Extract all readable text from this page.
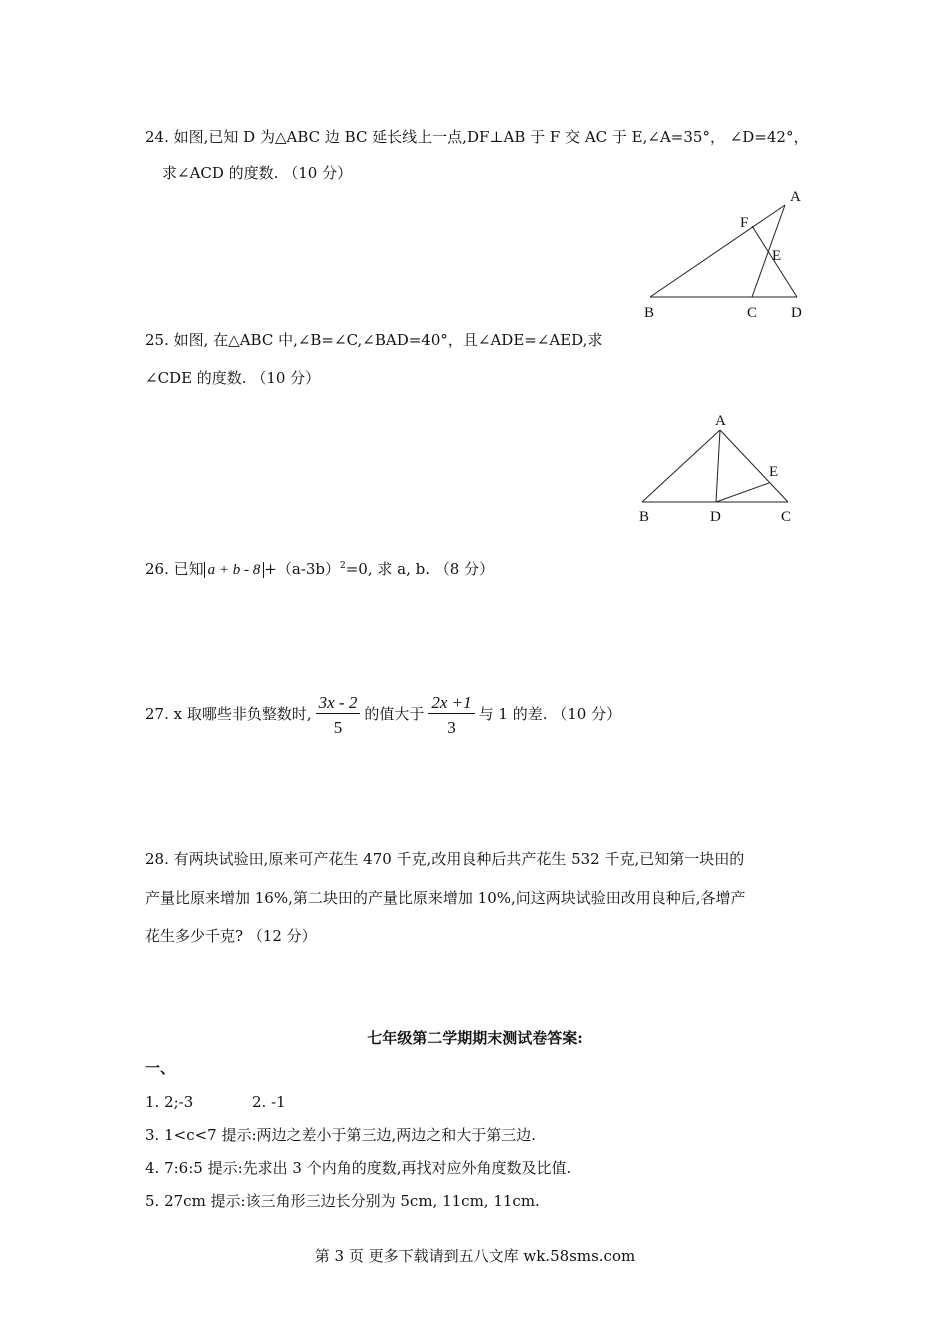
24. 如图,已知 D 为△ABC 边 BC 延长线上一点,DF⊥AB 于 F 交 AC 于 E,∠A=35°， ∠D=42°，
求∠ACD 的度数. （10 分）
A
F
E
B	C D
25. 如图, 在△ABC 中,∠B=∠C,∠BAD=40°，且∠ADE=∠AED,求
∠CDE 的度数. （10 分）
A
E
B	D	C
26. 已知 $a + b - 8 +(a-3b)^2=0$, 求 a, b. （8 分）
27. x 取哪些非负整数时, $\frac{3x - 2}{5}$ 的值大于 $\frac{2x +1}{3}$ 与 1 的差. （10 分）
28. 有两块试验田,原来可产花生 470 千克,改用良种后共产花生 532 千克,已知第一块田的
产量比原来增加 16%,第二块田的产量比原来增加 10%,问这两块试验田改用良种后,各增产
花生多少千克? （12 分）
七年级第二学期期末测试卷答案:
一、
1. 2;-3	2. -1
3. 1<c<7 提示:两边之差小于第三边,两边之和大于第三边.
4. 7:6:5 提示:先求出 3 个内角的度数,再找对应外角度数及比值.
5. 27cm 提示:该三角形三边长分别为 5cm, 11cm, 11cm.
第 3 页 更多下载请到五八文库 wk.58sms.com
